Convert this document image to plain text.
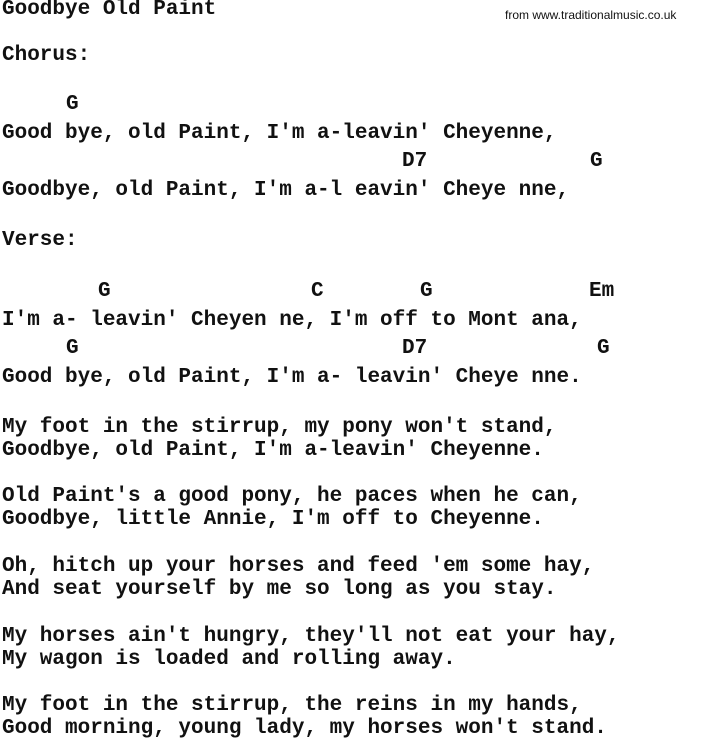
Goodbye Old Paint	from www.traditionalmusic.co.uk
Chorus:
G
Good bye, old Paint, I'm a-leavin' Cheyenne,
D7	G
Goodbye, old Paint, I'm a-l eavin' Cheye nne,
Verse:
G	C	G	Em
I'm a- leavin' Cheyen ne, I'm off to Mont ana,
G	D7	G
Good bye, old Paint, I'm a- leavin' Cheye nne.
My foot in the stirrup, my pony won't stand,
Goodbye, old Paint, I'm a-leavin' Cheyenne.
Old Paint's a good pony, he paces when he can,
Goodbye, little Annie, I'm off to Cheyenne.
Oh, hitch up your horses and feed 'em some hay,
And seat yourself by me so long as you stay.
My horses ain't hungry, they'll not eat your hay,
My wagon is loaded and rolling away.
My foot in the stirrup, the reins in my hands,
Good morning, young lady, my horses won't stand.
